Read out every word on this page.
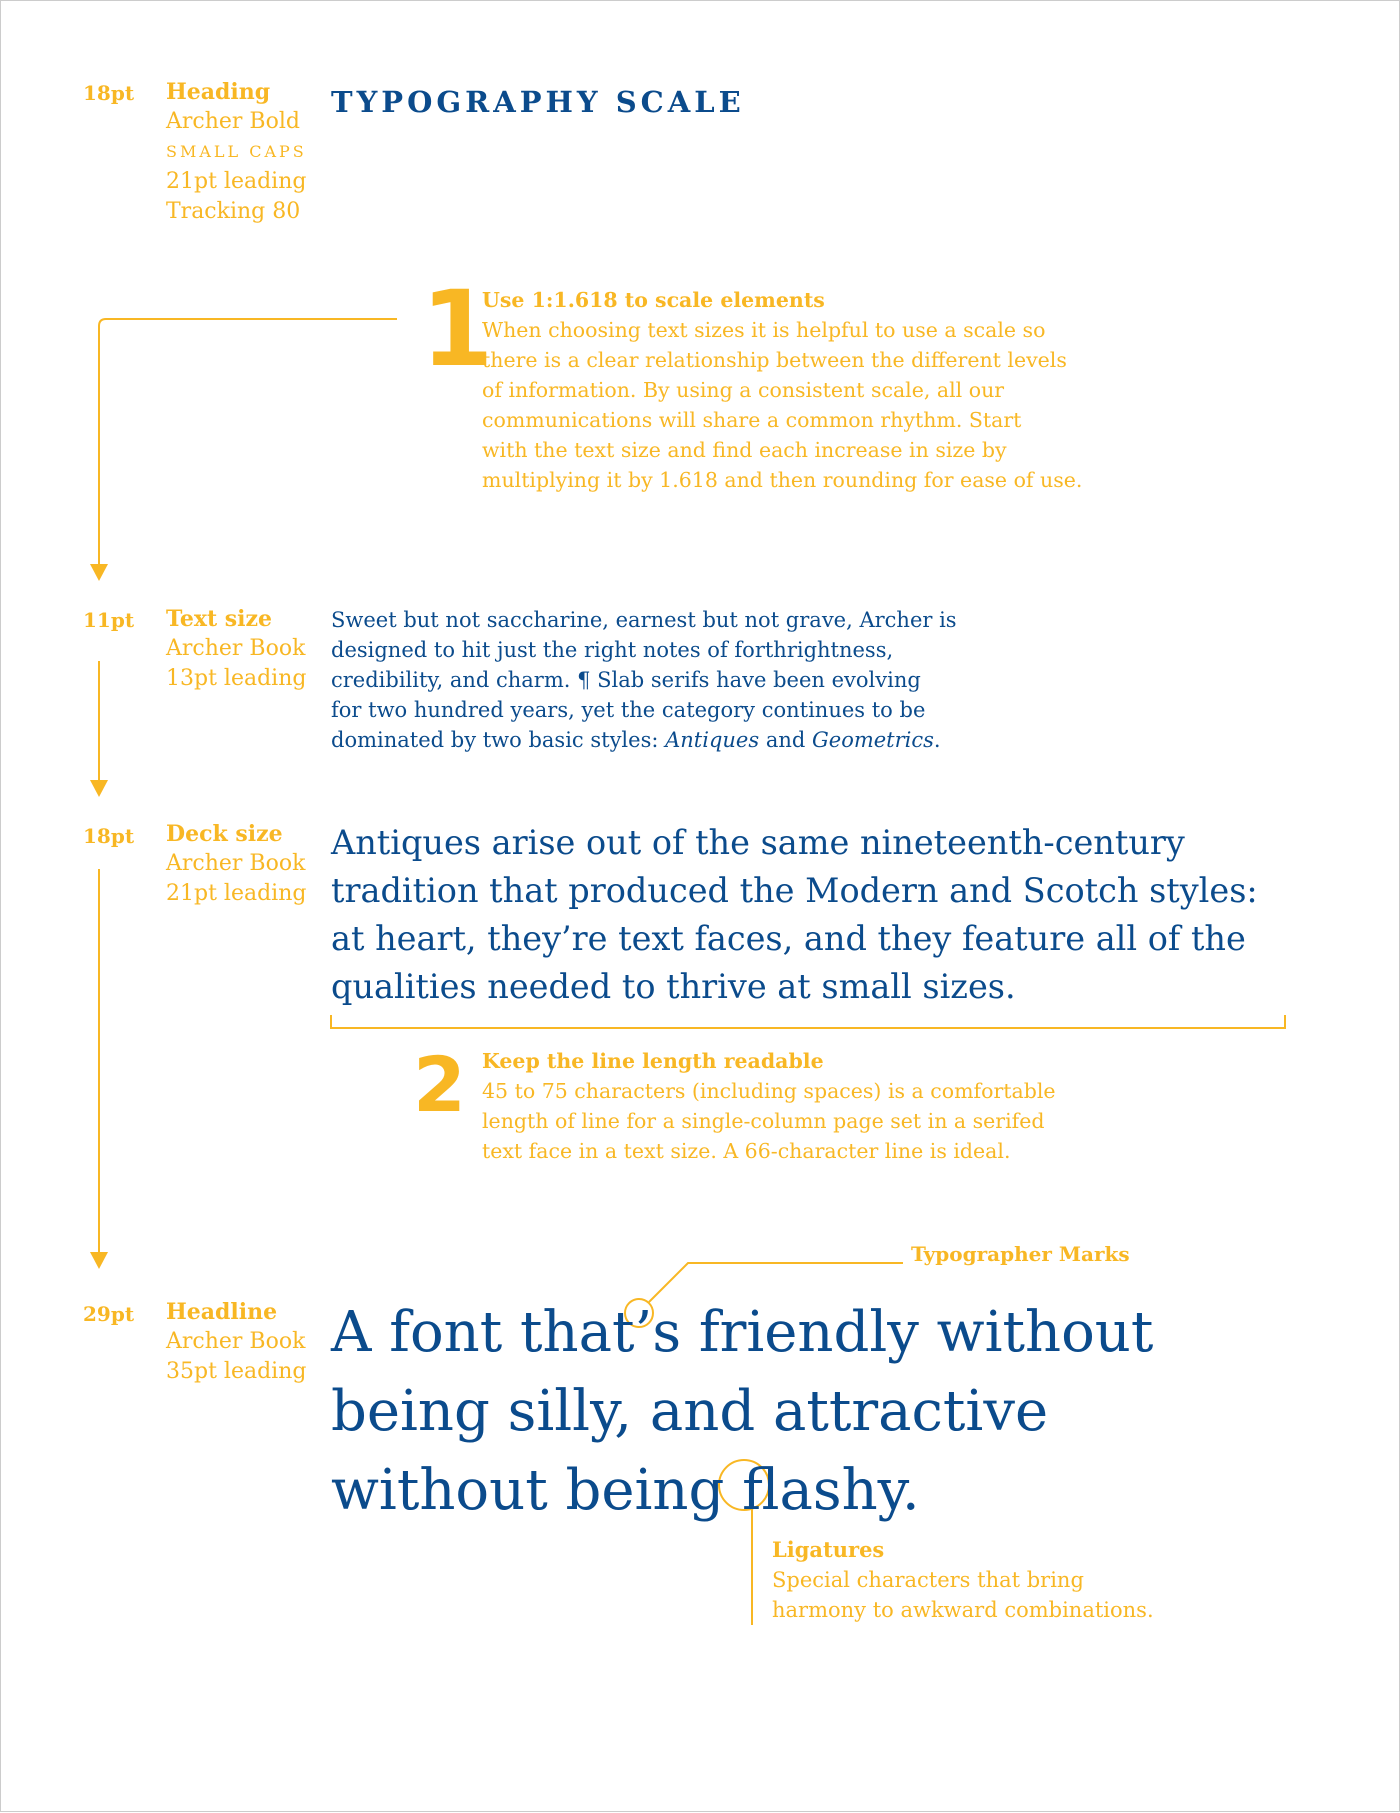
18pt Heading
Archer Bold
SMALL CAPS
21pt leading
Tracking 80
TYPOGRAPHY SCALE
1
Use 1:1.618 to scale elements
When choosing text sizes it is helpful to use a scale so
there is a clear relationship between the different levels
of information. By using a consistent scale, all our
communications will share a common rhythm. Start
with the text size and find each increase in size by
multiplying it by 1.618 and then rounding for ease of use.
11pt Text size
Archer Book
13pt leading
Sweet but not saccharine, earnest but not grave, Archer is
designed to hit just the right notes of forthrightness,
credibility, and charm. ¶ Slab serifs have been evolving
for two hundred years, yet the category continues to be
dominated by two basic styles: Antiques and Geometrics.
18pt Deck size
Archer Book
21pt leading
Antiques arise out of the same nineteenth-century
tradition that produced the Modern and Scotch styles:
at heart, they’re text faces, and they feature all of the
qualities needed to thrive at small sizes.
2 Keep the line length readable
45 to 75 characters (including spaces) is a comfortable
length of line for a single-column page set in a serifed
text face in a text size. A 66-character line is ideal.
Typographer Marks
29pt Headline
Archer Book
35pt leading
A font that’s friendly without
being silly, and attractive
without being flashy.
Ligatures
Special characters that bring
harmony to awkward combinations.
